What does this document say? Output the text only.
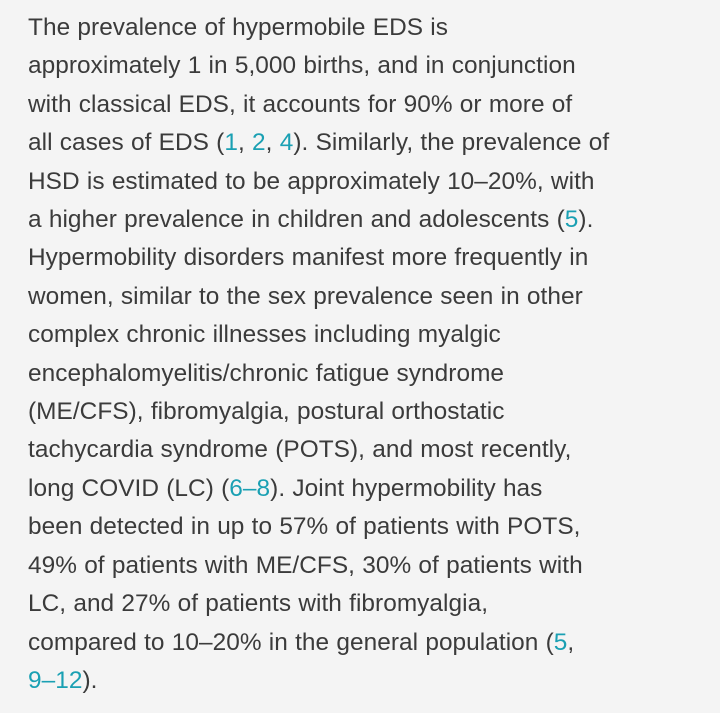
The prevalence of hypermobile EDS is
approximately 1 in 5,000 births, and in conjunction
with classical EDS, it accounts for 90% or more of
all cases of EDS (1, 2, 4). Similarly, the prevalence of
HSD is estimated to be approximately 10–20%, with
a higher prevalence in children and adolescents (5).
Hypermobility disorders manifest more frequently in
women, similar to the sex prevalence seen in other
complex chronic illnesses including myalgic
encephalomyelitis/chronic fatigue syndrome
(ME/CFS), fibromyalgia, postural orthostatic
tachycardia syndrome (POTS), and most recently,
long COVID (LC) (6–8). Joint hypermobility has
been detected in up to 57% of patients with POTS,
49% of patients with ME/CFS, 30% of patients with
LC, and 27% of patients with fibromyalgia,
compared to 10–20% in the general population (5,
9–12).
